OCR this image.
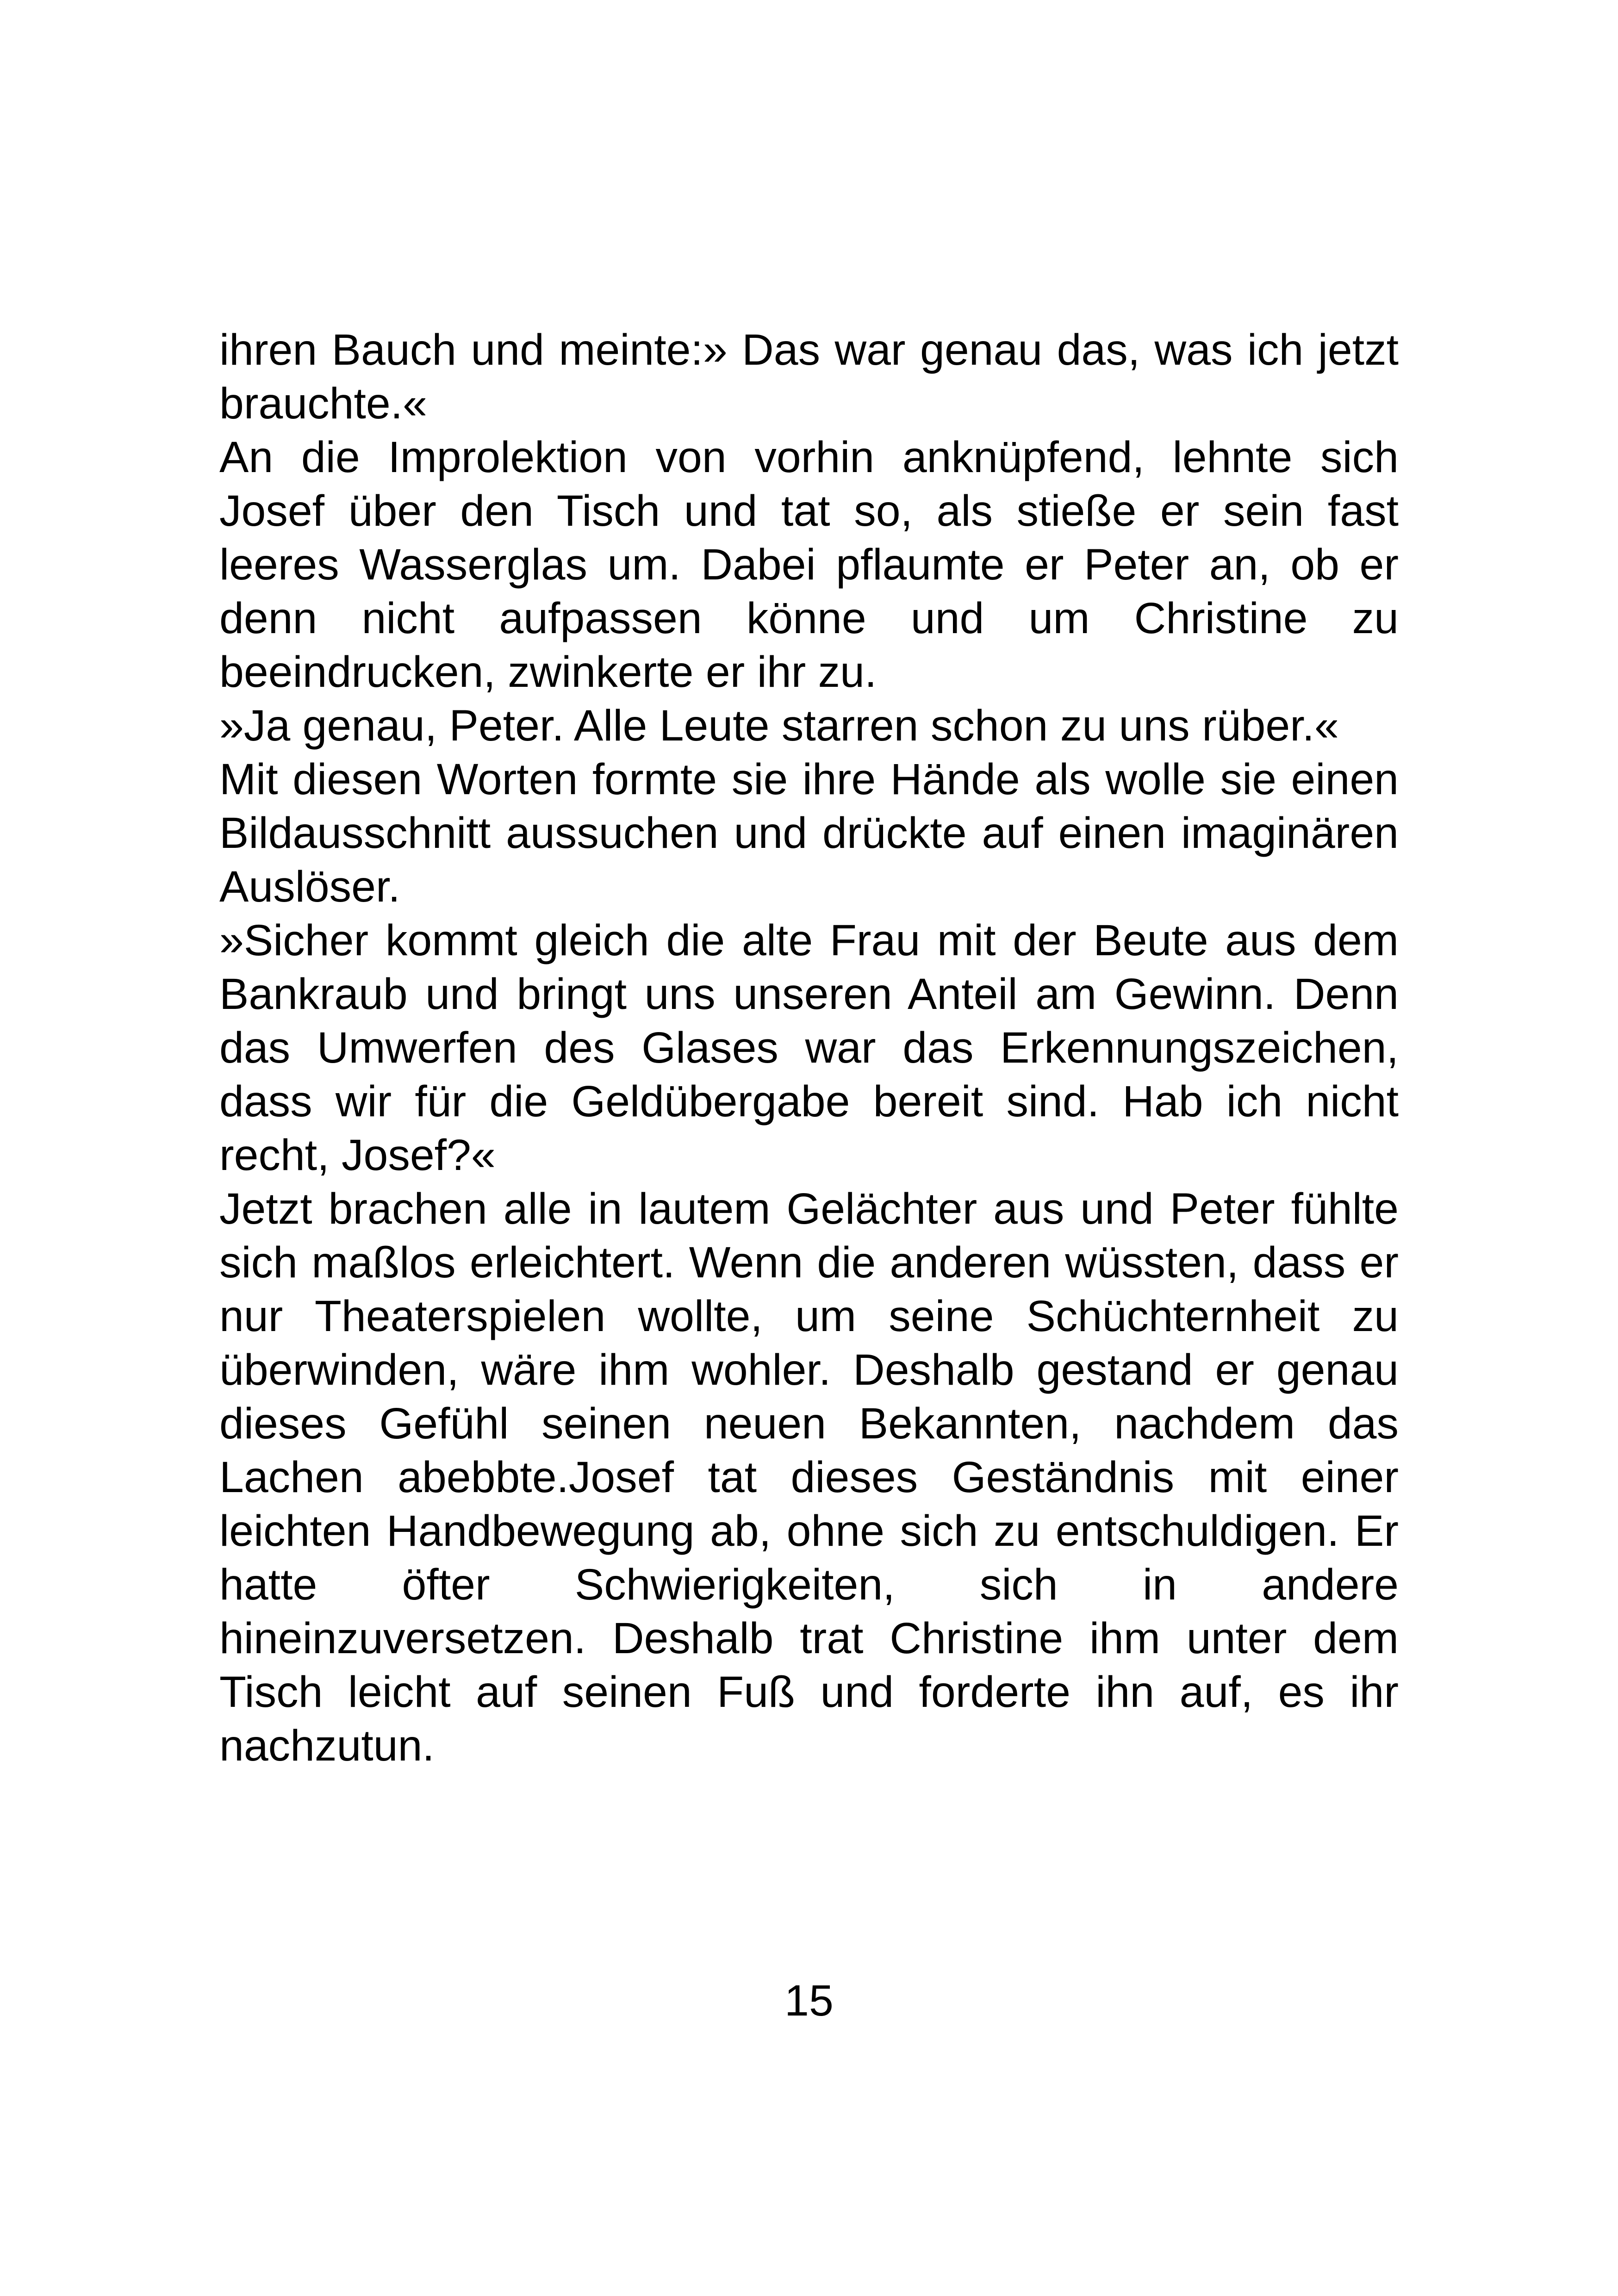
ihren Bauch und meinte:» Das war genau das, was ich jetzt brauchte.«

An die Improlektion von vorhin anknüpfend, lehnte sich Josef über den Tisch und tat so, als stieße er sein fast leeres Wasserglas um. Dabei pflaumte er Peter an, ob er denn nicht aufpassen könne und um Christine zu beeindrucken, zwinkerte er ihr zu.

»Ja genau, Peter. Alle Leute starren schon zu uns rüber.«

Mit diesen Worten formte sie ihre Hände als wolle sie einen Bildausschnitt aussuchen und drückte auf einen imaginären Auslöser.

»Sicher kommt gleich die alte Frau mit der Beute aus dem Bankraub und bringt uns unseren Anteil am Gewinn. Denn das Umwerfen des Glases war das Erkennungszeichen, dass wir für die Geldübergabe bereit sind. Hab ich nicht recht, Josef?«

Jetzt brachen alle in lautem Gelächter aus und Peter fühlte sich maßlos erleichtert. Wenn die anderen wüssten, dass er nur Theaterspielen wollte, um seine Schüchternheit zu überwinden, wäre ihm wohler. Deshalb gestand er genau dieses Gefühl seinen neuen Bekannten, nachdem das Lachen abebbte.Josef tat dieses Geständnis mit einer leichten Handbewegung ab, ohne sich zu entschuldigen. Er hatte öfter Schwierigkeiten, sich in andere hineinzuversetzen. Deshalb trat Christine ihm unter dem Tisch leicht auf seinen Fuß und forderte ihn auf, es ihr nachzutun.

15
